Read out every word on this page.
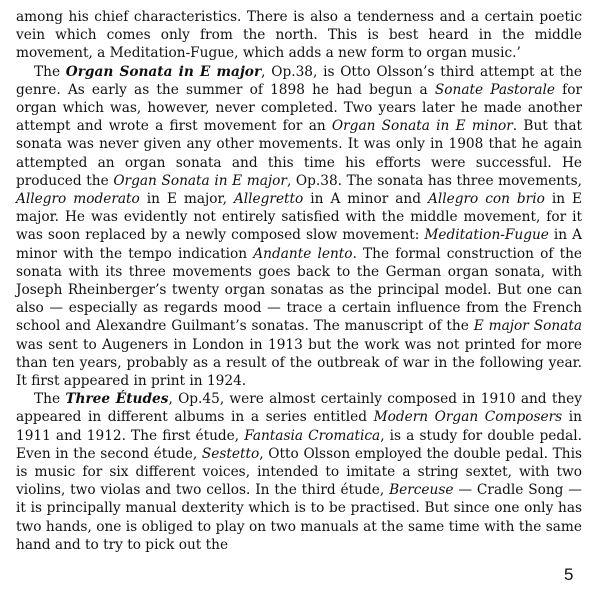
among his chief characteristics. There is also a tenderness and a certain poetic vein which comes only from the north. This is best heard in the middle movement, a Meditation-Fugue, which adds a new form to organ music.’

The Organ Sonata in E major, Op.38, is Otto Olsson’s third attempt at the genre. As early as the summer of 1898 he had begun a Sonate Pastorale for organ which was, however, never completed. Two years later he made another attempt and wrote a first movement for an Organ Sonata in E minor. But that sonata was never given any other movements. It was only in 1908 that he again attempted an organ sonata and this time his efforts were successful. He produced the Organ Sonata in E major, Op.38. The sonata has three movements, Allegro moderato in E major, Allegretto in A minor and Allegro con brio in E major. He was evidently not entirely satisfied with the middle movement, for it was soon replaced by a newly composed slow movement: Meditation-Fugue in A minor with the tempo indication Andante lento. The formal construction of the sonata with its three movements goes back to the German organ sonata, with Joseph Rheinberger’s twenty organ sonatas as the principal model. But one can also — especially as regards mood — trace a certain influence from the French school and Alexandre Guilmant’s sonatas. The manuscript of the E major Sonata was sent to Augeners in London in 1913 but the work was not printed for more than ten years, probably as a result of the outbreak of war in the following year. It first appeared in print in 1924.

The Three Études, Op.45, were almost certainly composed in 1910 and they appeared in different albums in a series entitled Modern Organ Composers in 1911 and 1912. The first étude, Fantasia Cromatica, is a study for double pedal. Even in the second étude, Sestetto, Otto Olsson employed the double pedal. This is music for six different voices, intended to imitate a string sextet, with two violins, two violas and two cellos. In the third étude, Berceuse — Cradle Song — it is principally manual dexterity which is to be practised. But since one only has two hands, one is obliged to play on two manuals at the same time with the same hand and to try to pick out the

5
